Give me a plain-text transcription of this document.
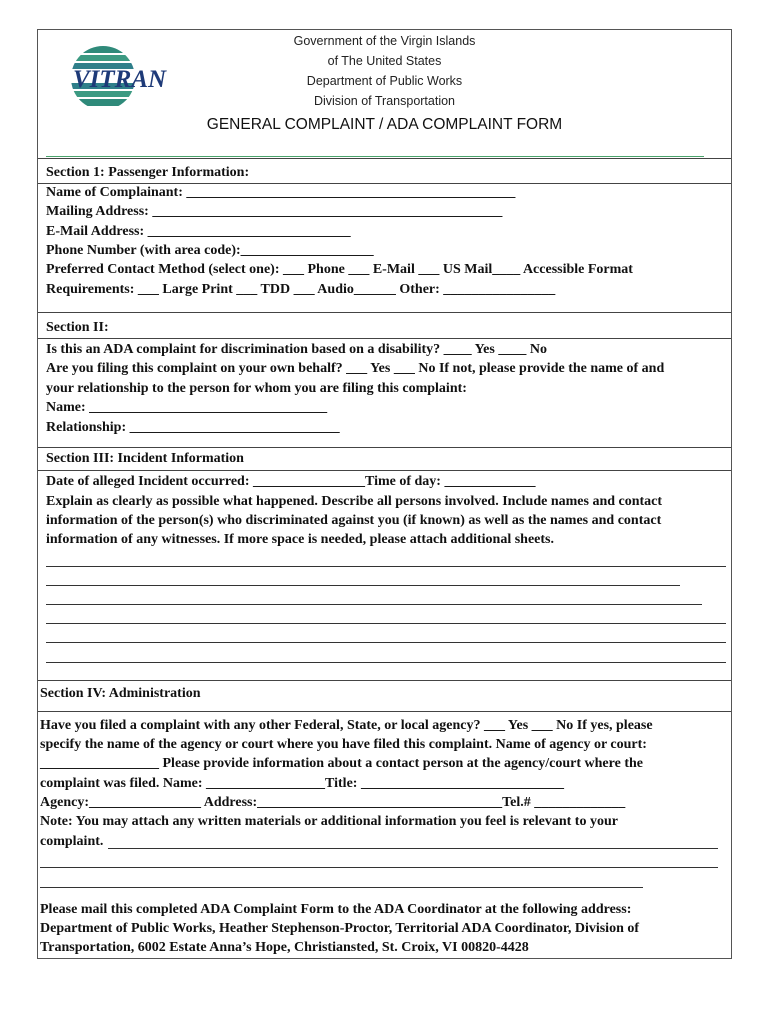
VITRAN
Government of the Virgin Islands
of The United States
Department of Public Works
Division of Transportation
GENERAL COMPLAINT / ADA COMPLAINT FORM
Section 1: Passenger Information:
Name of Complainant: _______________________________________________
Mailing Address: __________________________________________________
E-Mail Address: _____________________________
Phone Number (with area code):___________________
Preferred Contact Method (select one): ___ Phone ___ E-Mail ___ US Mail____ Accessible Format
Requirements: ___ Large Print ___ TDD ___ Audio______ Other: ________________
Section II:
Is this an ADA complaint for discrimination based on a disability? ____ Yes ____ No
Are you filing this complaint on your own behalf? ___ Yes ___ No If not, please provide the name of and
your relationship to the person for whom you are filing this complaint:
Name: __________________________________
Relationship: ______________________________
Section III: Incident Information
Date of alleged Incident occurred: ________________Time of day: _____________
Explain as clearly as possible what happened. Describe all persons involved. Include names and contact
information of the person(s) who discriminated against you (if known) as well as the names and contact
information of any witnesses. If more space is needed, please attach additional sheets.
Section IV: Administration
Have you filed a complaint with any other Federal, State, or local agency? ___ Yes ___ No If yes, please
specify the name of the agency or court where you have filed this complaint. Name of agency or court:
_________________ Please provide information about a contact person at the agency/court where the
complaint was filed. Name: _________________Title: _____________________________
Agency:________________ Address:___________________________________Tel.# _____________
Note: You may attach any written materials or additional information you feel is relevant to your
complaint.
Please mail this completed ADA Complaint Form to the ADA Coordinator at the following address:
Department of Public Works, Heather Stephenson-Proctor, Territorial ADA Coordinator, Division of
Transportation, 6002 Estate Anna’s Hope, Christiansted, St. Croix, VI 00820-4428
